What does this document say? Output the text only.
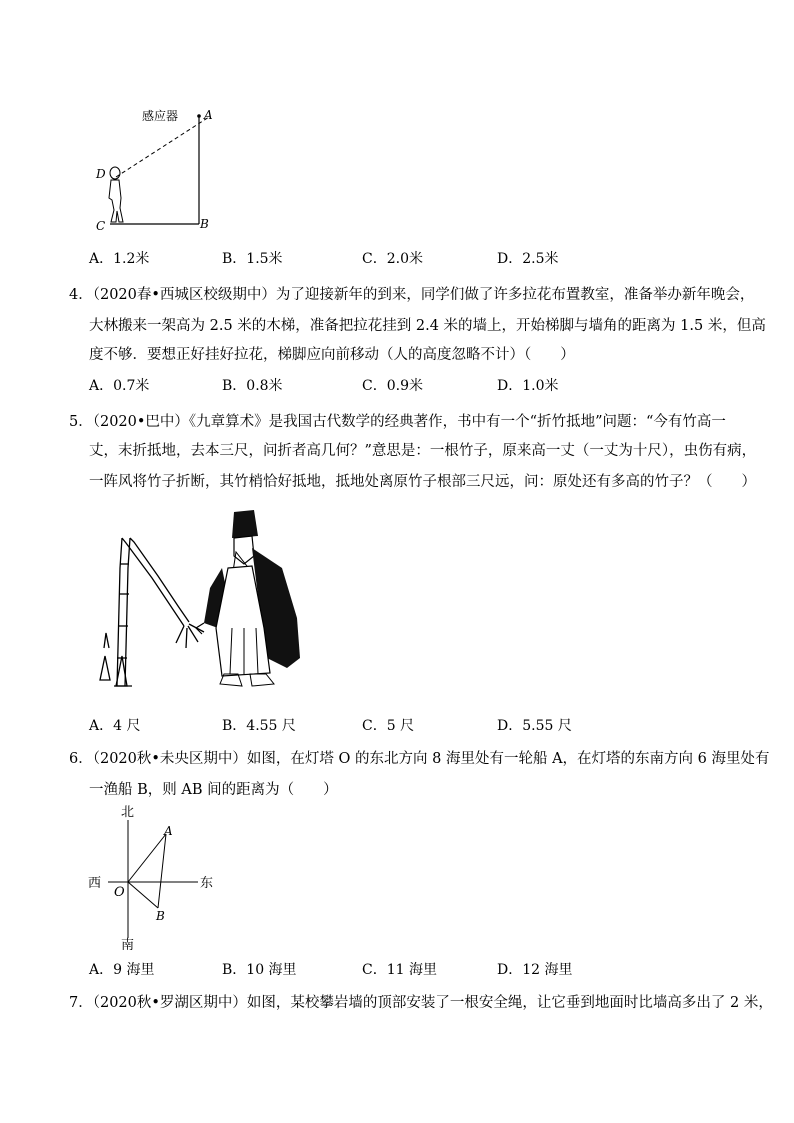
感应器 A
B
C
D
A．1.2米	B．1.5米	C．2.0米	D．2.5米
4．（2020春•西城区校级期中）为了迎接新年的到来，同学们做了许多拉花布置教室，准备举办新年晚会，
大林搬来一架高为 2.5 米的木梯，准备把拉花挂到 2.4 米的墙上，开始梯脚与墙角的距离为 1.5 米，但高
度不够．要想正好挂好拉花，梯脚应向前移动（人的高度忽略不计）（　　）
A．0.7米	B．0.8米	C．0.9米	D．1.0米
5．（2020•巴中）《九章算术》是我国古代数学的经典著作，书中有一个“折竹抵地”问题：“今有竹高一
丈，末折抵地，去本三尺，问折者高几何？”意思是：一根竹子，原来高一丈（一丈为十尺），虫伤有病，
一阵风将竹子折断，其竹梢恰好抵地，抵地处离原竹子根部三尺远，问：原处还有多高的竹子？（　　）
A．4 尺	B．4.55 尺	C．5 尺	D．5.55 尺
6．（2020秋•未央区期中）如图，在灯塔 O 的东北方向 8 海里处有一轮船 A，在灯塔的东南方向 6 海里处有
一渔船 B，则 AB 间的距离为（　　）
北
南
西	东
O
A
B
A．9 海里	B．10 海里	C．11 海里	D．12 海里
7．（2020秋•罗湖区期中）如图，某校攀岩墙的顶部安装了一根安全绳，让它垂到地面时比墙高多出了 2 米，
